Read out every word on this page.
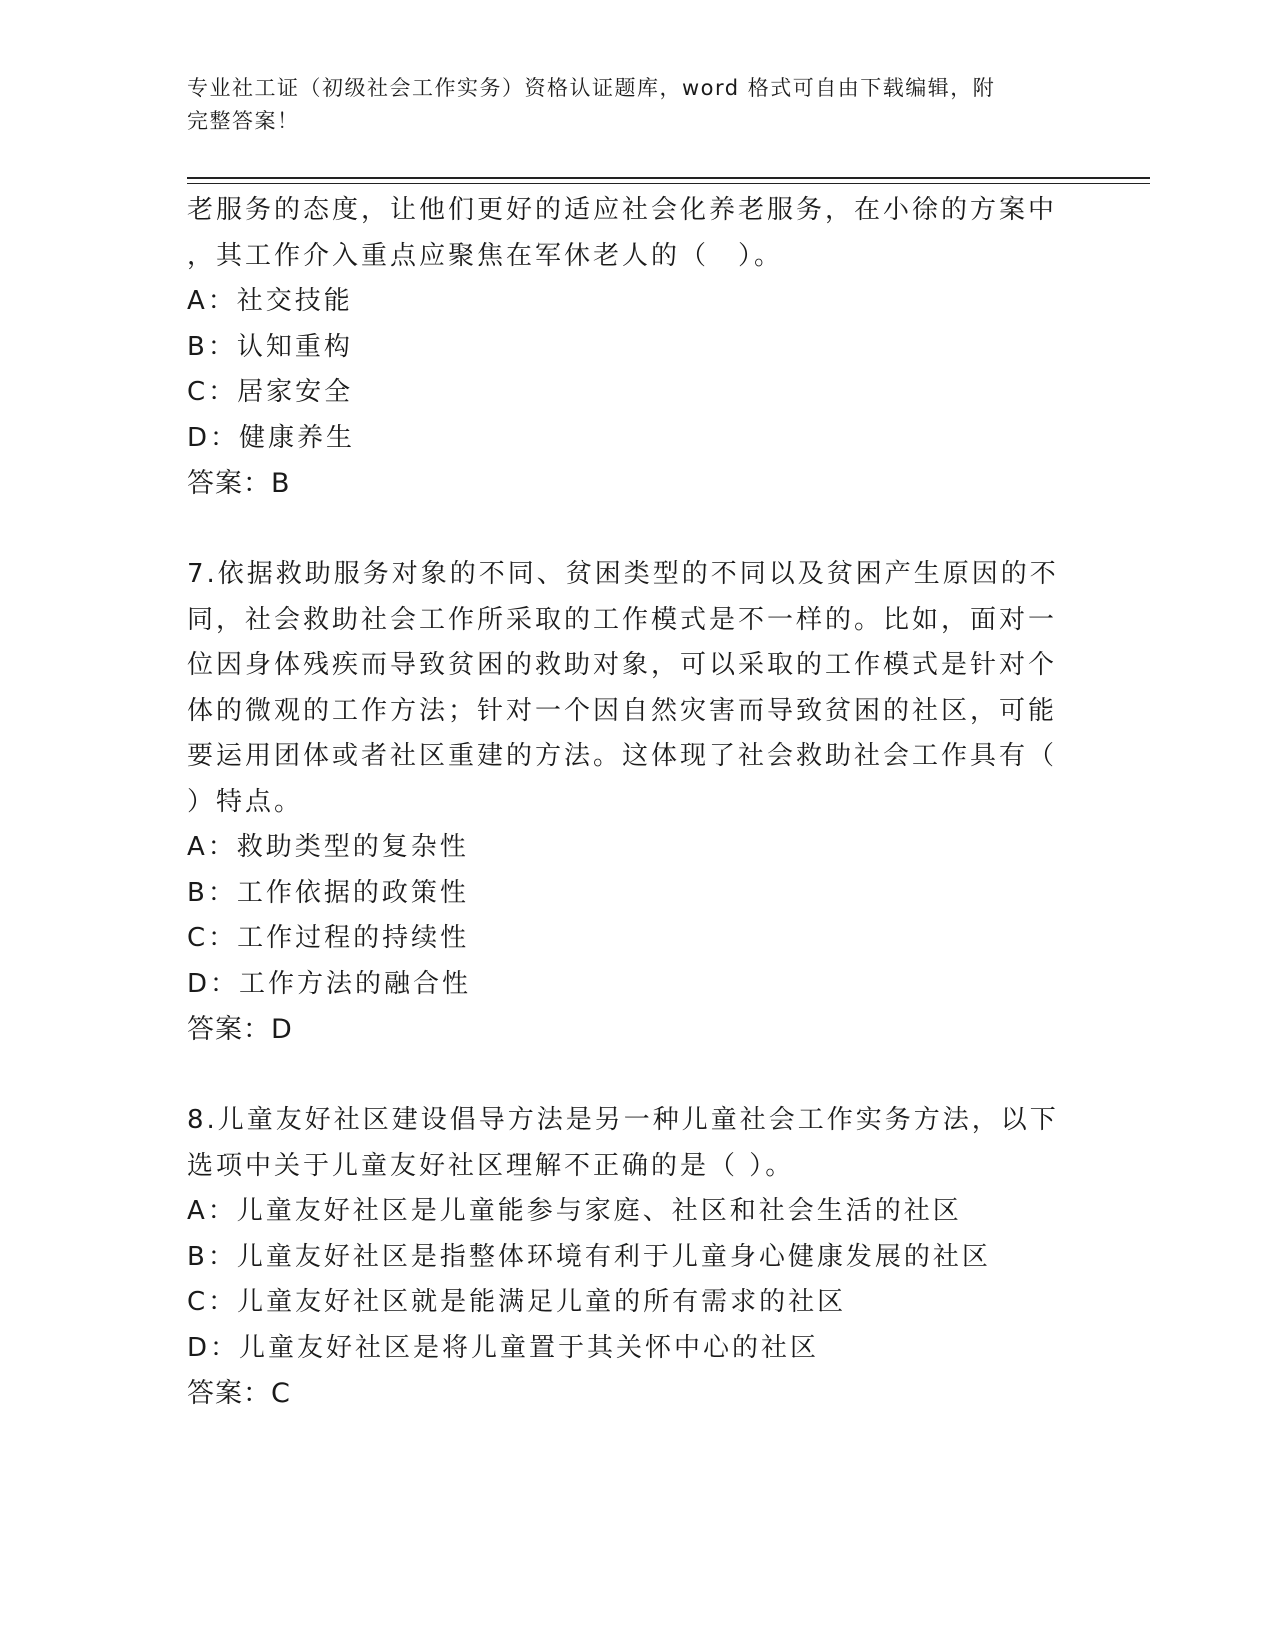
专业社工证（初级社会工作实务）资格认证题库，word 格式可自由下载编辑，附
完整答案！
老服务的态度，让他们更好的适应社会化养老服务，在小徐的方案中
，其工作介入重点应聚焦在军休老人的（　）。
A：社交技能
B：认知重构
C：居家安全
D：健康养生
答案：B
7.依据救助服务对象的不同、贫困类型的不同以及贫困产生原因的不
同，社会救助社会工作所采取的工作模式是不一样的。比如，面对一
位因身体残疾而导致贫困的救助对象，可以采取的工作模式是针对个
体的微观的工作方法；针对一个因自然灾害而导致贫困的社区，可能
要运用团体或者社区重建的方法。这体现了社会救助社会工作具有（
）特点。
A：救助类型的复杂性
B：工作依据的政策性
C：工作过程的持续性
D：工作方法的融合性
答案：D
8.儿童友好社区建设倡导方法是另一种儿童社会工作实务方法，以下
选项中关于儿童友好社区理解不正确的是（ ）。
A：儿童友好社区是儿童能参与家庭、社区和社会生活的社区
B：儿童友好社区是指整体环境有利于儿童身心健康发展的社区
C：儿童友好社区就是能满足儿童的所有需求的社区
D：儿童友好社区是将儿童置于其关怀中心的社区
答案：C
